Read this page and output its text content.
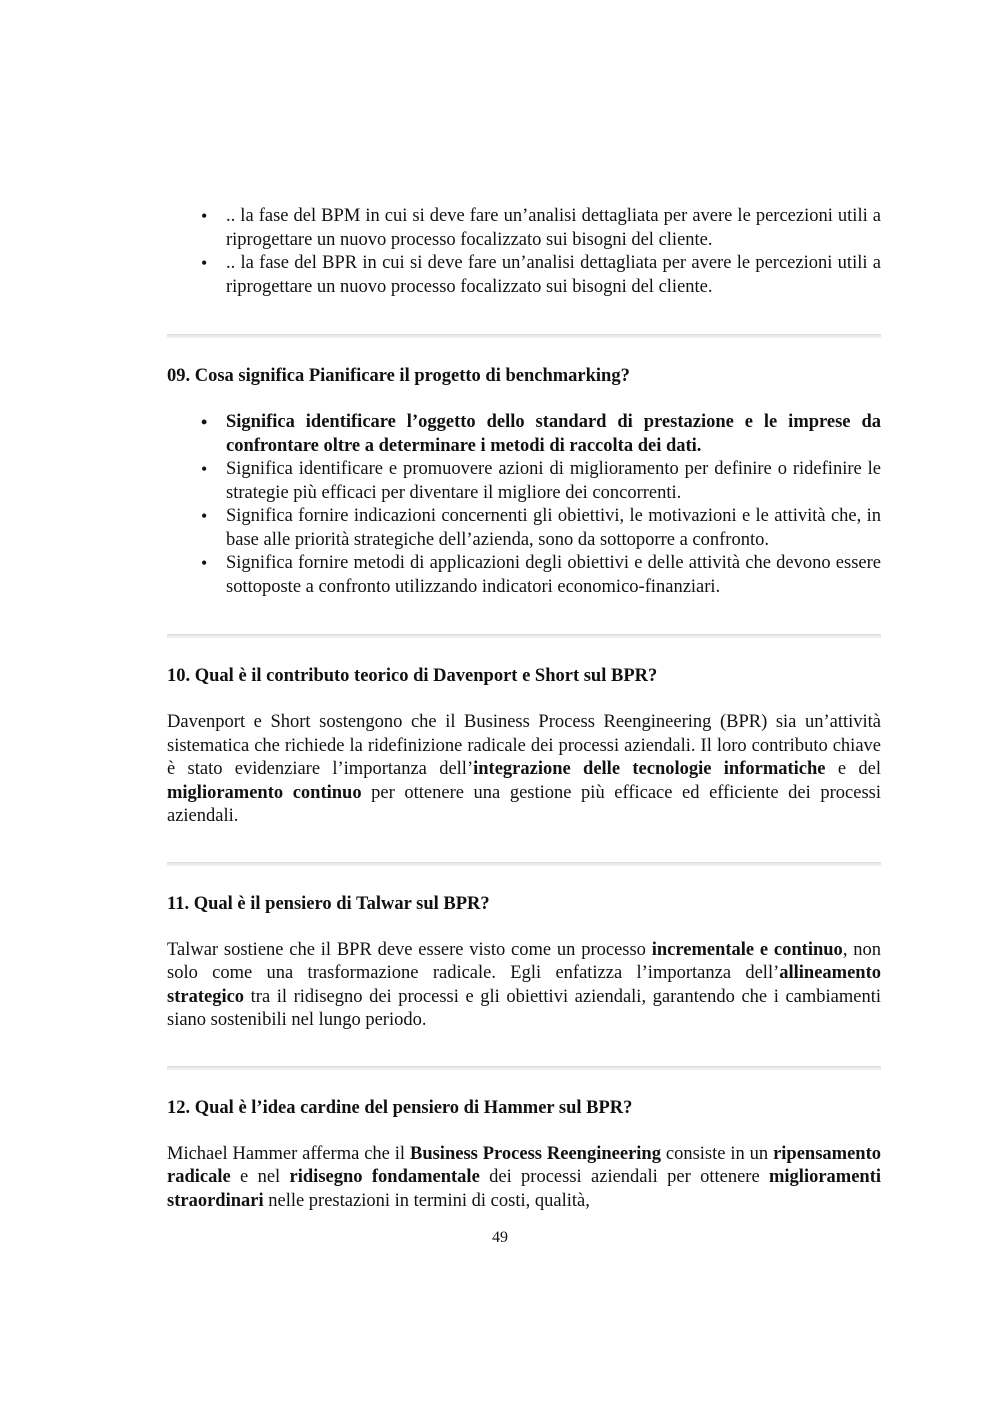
• .. la fase del BPM in cui si deve fare un’analisi dettagliata per avere le percezioni utili a riprogettare un nuovo processo focalizzato sui bisogni del cliente.
• .. la fase del BPR in cui si deve fare un’analisi dettagliata per avere le percezioni utili a riprogettare un nuovo processo focalizzato sui bisogni del cliente.
09. Cosa significa Pianificare il progetto di benchmarking?
• Significa identificare l’oggetto dello standard di prestazione e le imprese da confrontare oltre a determinare i metodi di raccolta dei dati.
• Significa identificare e promuovere azioni di miglioramento per definire o ridefinire le strategie più efficaci per diventare il migliore dei concorrenti.
• Significa fornire indicazioni concernenti gli obiettivi, le motivazioni e le attività che, in base alle priorità strategiche dell’azienda, sono da sottoporre a confronto.
• Significa fornire metodi di applicazioni degli obiettivi e delle attività che devono essere sottoposte a confronto utilizzando indicatori economico-finanziari.
10. Qual è il contributo teorico di Davenport e Short sul BPR?

Davenport e Short sostengono che il Business Process Reengineering (BPR) sia un’attività sistematica che richiede la ridefinizione radicale dei processi aziendali. Il loro contributo chiave è stato evidenziare l’importanza dell’integrazione delle tecnologie informatiche e del miglioramento continuo per ottenere una gestione più efficace ed efficiente dei processi aziendali.

11. Qual è il pensiero di Talwar sul BPR?

Talwar sostiene che il BPR deve essere visto come un processo incrementale e continuo, non solo come una trasformazione radicale. Egli enfatizza l’importanza dell’allineamento strategico tra il ridisegno dei processi e gli obiettivi aziendali, garantendo che i cambiamenti siano sostenibili nel lungo periodo.

12. Qual è l’idea cardine del pensiero di Hammer sul BPR?

Michael Hammer afferma che il Business Process Reengineering consiste in un ripensamento radicale e nel ridisegno fondamentale dei processi aziendali per ottenere miglioramenti straordinari nelle prestazioni in termini di costi, qualità,

49
